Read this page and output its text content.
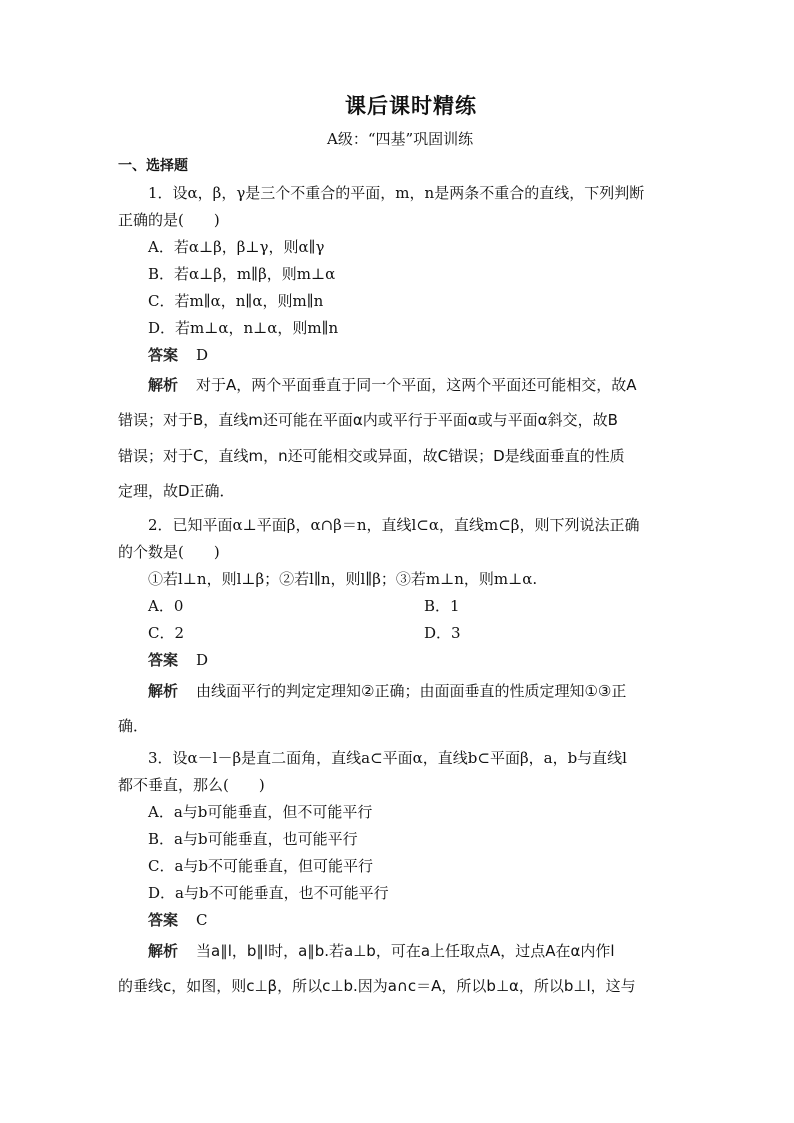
课后课时精练
A级：“四基”巩固训练
一、选择题
1．设α，β，γ是三个不重合的平面，m，n是两条不重合的直线，下列判断
正确的是(　　)
A．若α⊥β，β⊥γ，则α∥γ
B．若α⊥β，m∥β，则m⊥α
C．若m∥α，n∥α，则m∥n
D．若m⊥α，n⊥α，则m∥n
答案 D
解析 对于A，两个平面垂直于同一个平面，这两个平面还可能相交，故A
错误；对于B，直线m还可能在平面α内或平行于平面α或与平面α斜交，故B
错误；对于C，直线m，n还可能相交或异面，故C错误；D是线面垂直的性质
定理，故D正确．
2．已知平面α⊥平面β，α∩β＝n，直线l⊂α，直线m⊂β，则下列说法正确
的个数是(　　)
①若l⊥n，则l⊥β；②若l∥n，则l∥β；③若m⊥n，则m⊥α.
A．0	B．1
C．2	D．3
答案 D
解析 由线面平行的判定定理知②正确；由面面垂直的性质定理知①③正
确．
3．设α－l－β是直二面角，直线a⊂平面α，直线b⊂平面β，a，b与直线l
都不垂直，那么(　　)
A．a与b可能垂直，但不可能平行
B．a与b可能垂直，也可能平行
C．a与b不可能垂直，但可能平行
D．a与b不可能垂直，也不可能平行
答案 C
解析 当a∥l，b∥l时，a∥b.若a⊥b，可在a上任取点A，过点A在α内作l
的垂线c，如图，则c⊥β，所以c⊥b.因为a∩c＝A，所以b⊥α，所以b⊥l，这与
